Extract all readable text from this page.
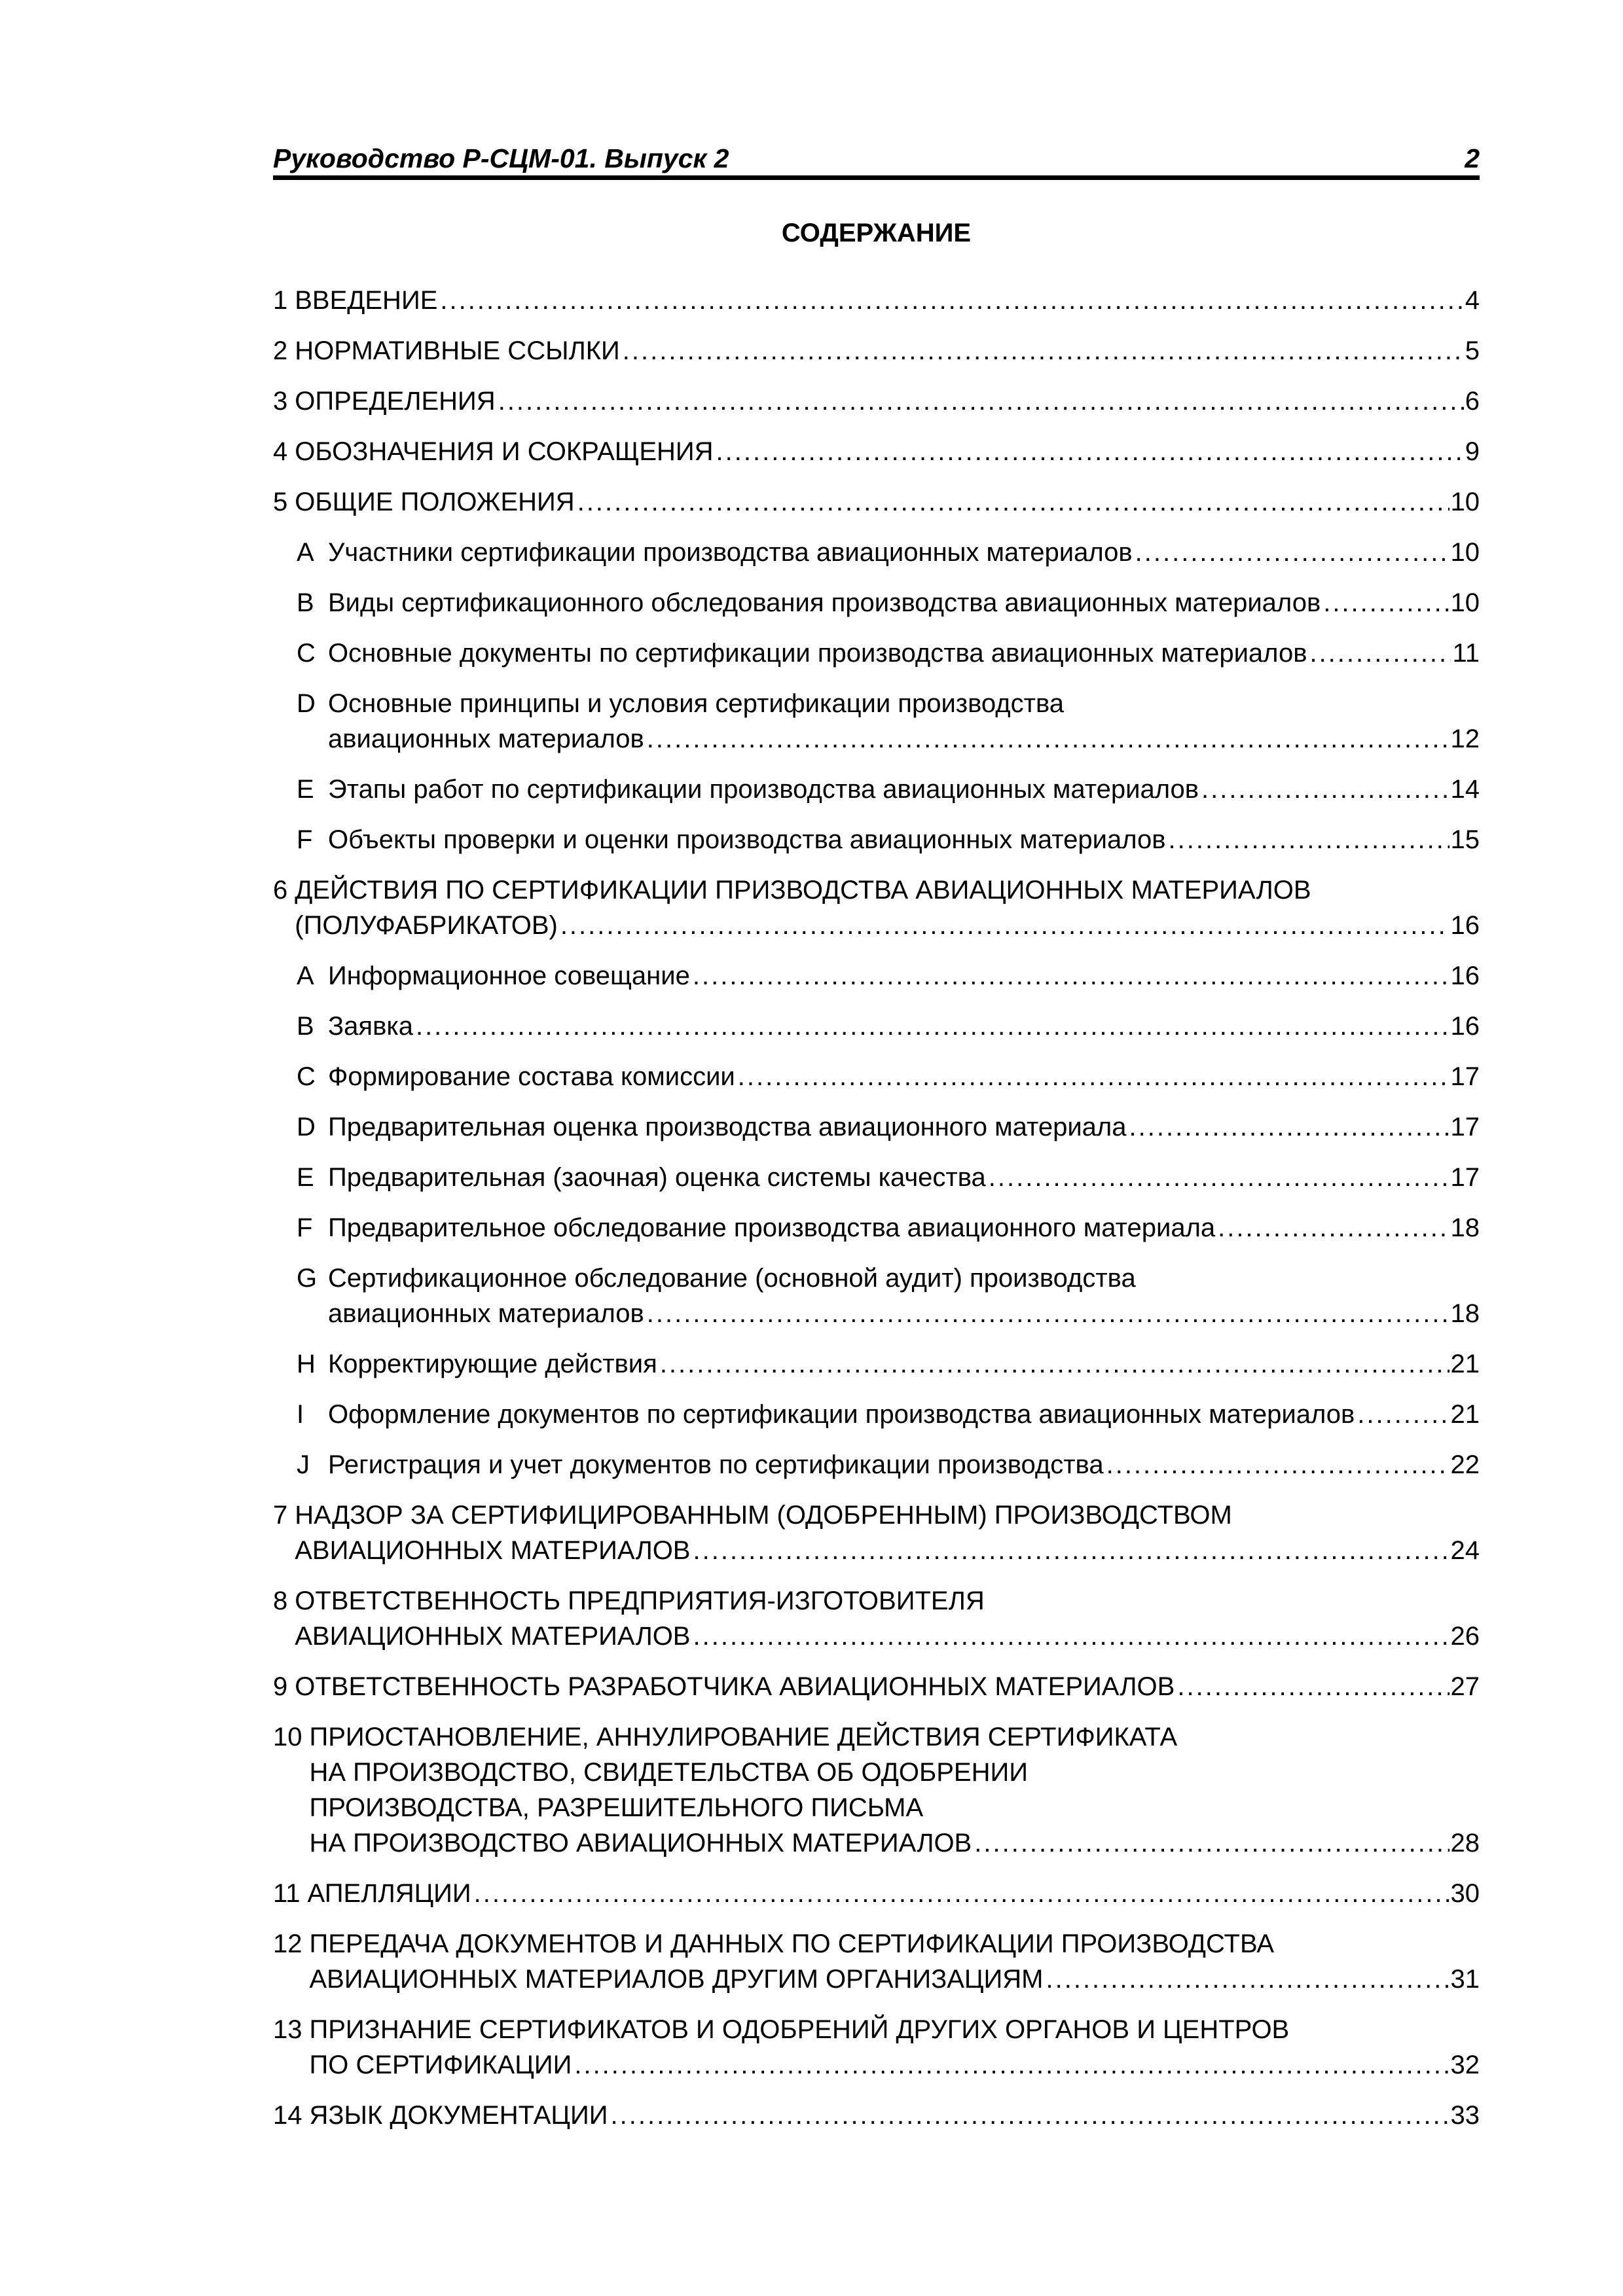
Руководство Р-СЦМ-01. Выпуск 2	2
СОДЕРЖАНИЕ
1 ВВЕДЕНИЕ .....	4
2 НОРМАТИВНЫЕ ССЫЛКИ .....	5
3 ОПРЕДЕЛЕНИЯ .....	6
4 ОБОЗНАЧЕНИЯ И СОКРАЩЕНИЯ .....	9
5 ОБЩИЕ ПОЛОЖЕНИЯ .....	10
A Участники сертификации производства авиационных материалов .....	10
B Виды сертификационного обследования производства авиационных материалов .....	10
C Основные документы по сертификации производства авиационных материалов .....	11
D Основные принципы и условия сертификации производства
авиационных материалов .....	12
E Этапы работ по сертификации производства авиационных материалов .....	14
F Объекты проверки и оценки производства авиационных материалов .....	15
6 ДЕЙСТВИЯ ПО СЕРТИФИКАЦИИ ПРИЗВОДСТВА АВИАЦИОННЫХ МАТЕРИАЛОВ
(ПОЛУФАБРИКАТОВ) .....	16
A Информационное совещание .....	16
B Заявка .....	16
C Формирование состава комиссии .....	17
D Предварительная оценка производства авиационного материала .....	17
E Предварительная (заочная) оценка системы качества .....	17
F Предварительное обследование производства авиационного материала .....	18
G Сертификационное обследование (основной аудит) производства
авиационных материалов .....	18
H Корректирующие действия .....	21
I Оформление документов по сертификации производства авиационных материалов .....	21
J Регистрация и учет документов по сертификации производства .....	22
7 НАДЗОР ЗА СЕРТИФИЦИРОВАННЫМ (ОДОБРЕННЫМ) ПРОИЗВОДСТВОМ
АВИАЦИОННЫХ МАТЕРИАЛОВ .....	24
8 ОТВЕТСТВЕННОСТЬ ПРЕДПРИЯТИЯ-ИЗГОТОВИТЕЛЯ
АВИАЦИОННЫХ МАТЕРИАЛОВ .....	26
9 ОТВЕТСТВЕННОСТЬ РАЗРАБОТЧИКА АВИАЦИОННЫХ МАТЕРИАЛОВ .....	27
10 ПРИОСТАНОВЛЕНИЕ, АННУЛИРОВАНИЕ ДЕЙСТВИЯ СЕРТИФИКАТА
НА ПРОИЗВОДСТВО, СВИДЕТЕЛЬСТВА ОБ ОДОБРЕНИИ
ПРОИЗВОДСТВА, РАЗРЕШИТЕЛЬНОГО ПИСЬМА
НА ПРОИЗВОДСТВО АВИАЦИОННЫХ МАТЕРИАЛОВ .....	28
11 АПЕЛЛЯЦИИ .....	30
12 ПЕРЕДАЧА ДОКУМЕНТОВ И ДАННЫХ ПО СЕРТИФИКАЦИИ ПРОИЗВОДСТВА
АВИАЦИОННЫХ МАТЕРИАЛОВ ДРУГИМ ОРГАНИЗАЦИЯМ .....	31
13 ПРИЗНАНИЕ СЕРТИФИКАТОВ И ОДОБРЕНИЙ ДРУГИХ ОРГАНОВ И ЦЕНТРОВ
ПО СЕРТИФИКАЦИИ .....	32
14 ЯЗЫК ДОКУМЕНТАЦИИ .....	33
